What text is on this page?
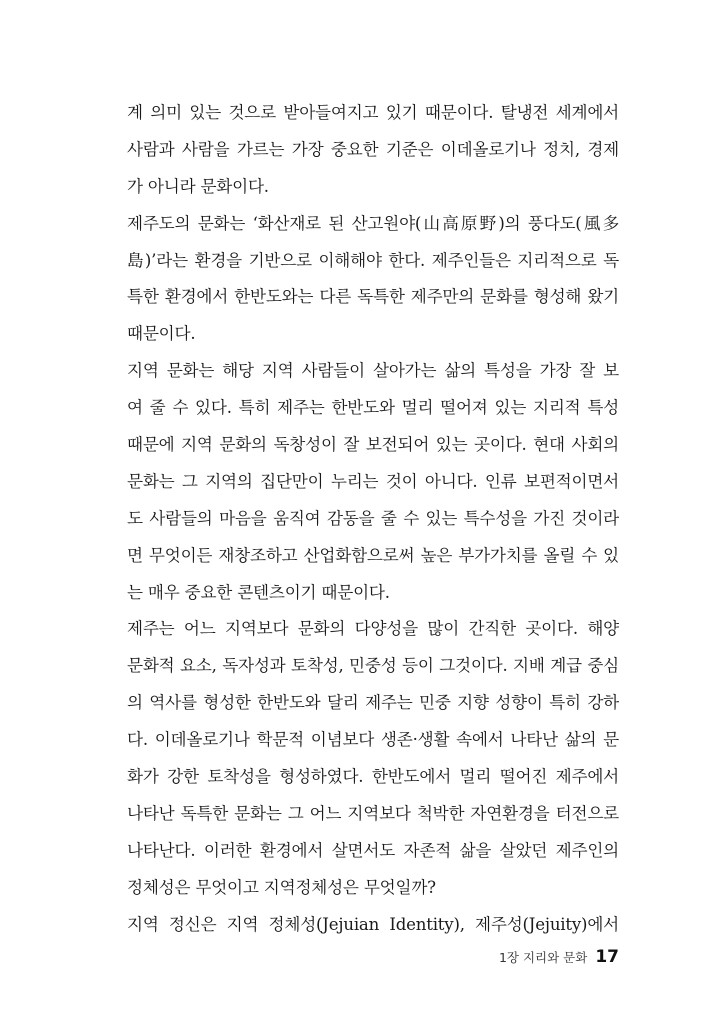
계 의미 있는 것으로 받아들여지고 있기 때문이다. 탈냉전 세계에서
사람과 사람을 가르는 가장 중요한 기준은 이데올로기나 정치, 경제
가 아니라 문화이다.
제주도의 문화는 ‘화산재로 된 산고원야(山高原野)의 풍다도(風多
島)’라는 환경을 기반으로 이해해야 한다. 제주인들은 지리적으로 독
특한 환경에서 한반도와는 다른 독특한 제주만의 문화를 형성해 왔기
때문이다.
지역 문화는 해당 지역 사람들이 살아가는 삶의 특성을 가장 잘 보
여 줄 수 있다. 특히 제주는 한반도와 멀리 떨어져 있는 지리적 특성
때문에 지역 문화의 독창성이 잘 보전되어 있는 곳이다. 현대 사회의
문화는 그 지역의 집단만이 누리는 것이 아니다. 인류 보편적이면서
도 사람들의 마음을 움직여 감동을 줄 수 있는 특수성을 가진 것이라
면 무엇이든 재창조하고 산업화함으로써 높은 부가가치를 올릴 수 있
는 매우 중요한 콘텐츠이기 때문이다.
제주는 어느 지역보다 문화의 다양성을 많이 간직한 곳이다. 해양
문화적 요소, 독자성과 토착성, 민중성 등이 그것이다. 지배 계급 중심
의 역사를 형성한 한반도와 달리 제주는 민중 지향 성향이 특히 강하
다. 이데올로기나 학문적 이념보다 생존·생활 속에서 나타난 삶의 문
화가 강한 토착성을 형성하였다. 한반도에서 멀리 떨어진 제주에서
나타난 독특한 문화는 그 어느 지역보다 척박한 자연환경을 터전으로
나타난다. 이러한 환경에서 살면서도 자존적 삶을 살았던 제주인의
정체성은 무엇이고 지역정체성은 무엇일까?
지역 정신은 지역 정체성(Jejuian Identity), 제주성(Jejuity)에서
1장 지리와 문화 17
